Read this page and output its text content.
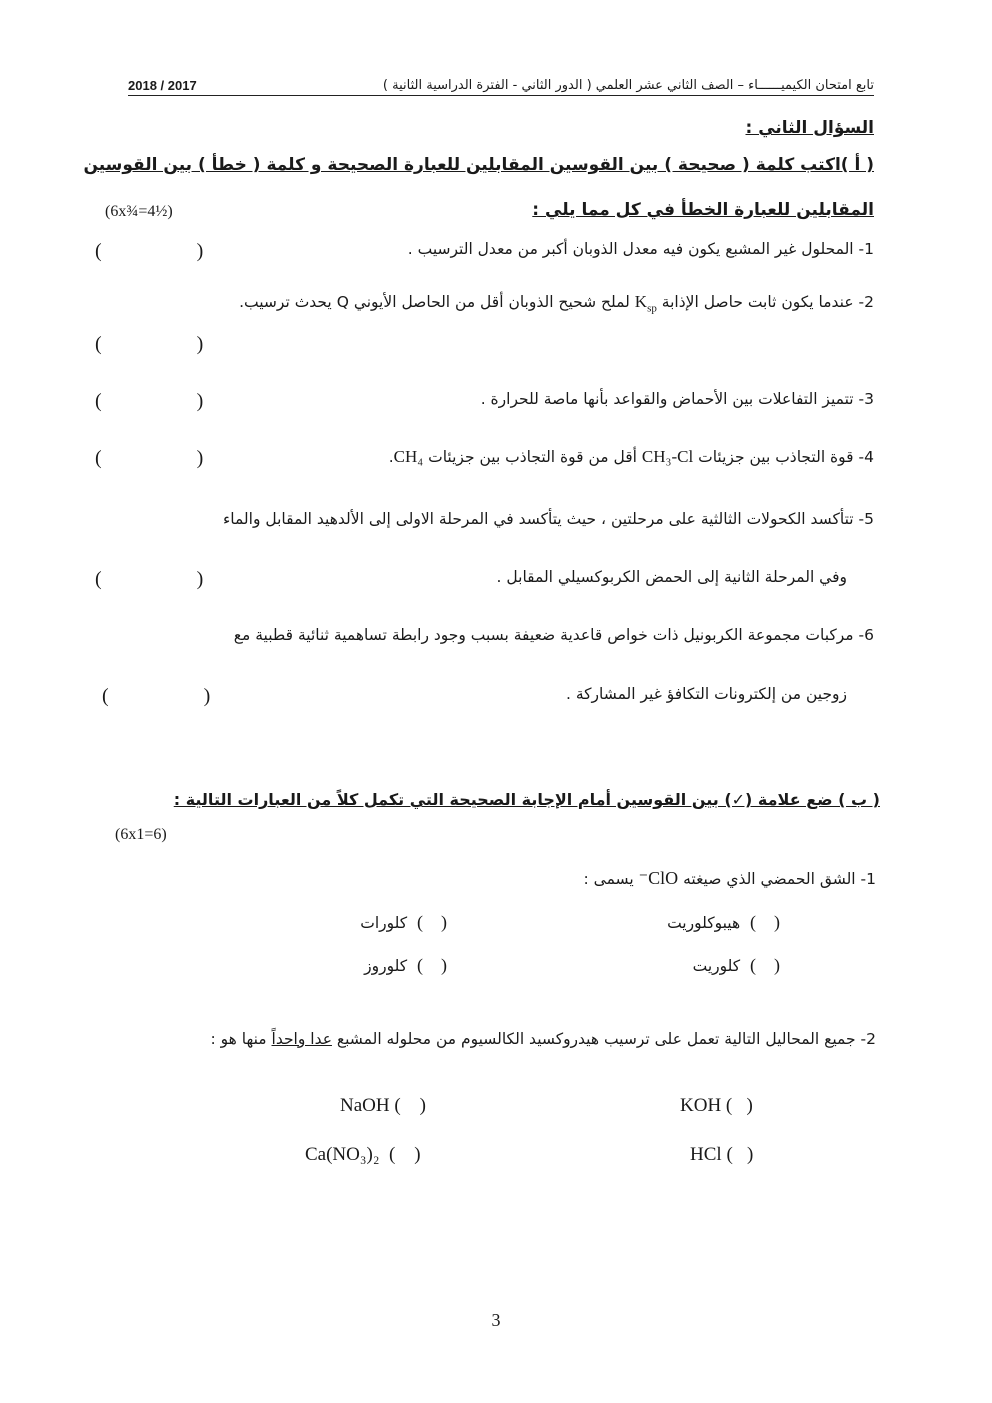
تابع امتحان الكيميــــــاء – الصف الثاني عشر العلمي ( الدور الثاني - الفترة الدراسية الثانية )
2018 / 2017
السؤال الثاني :
( أ )اكتب كلمة ( صحيحة ) بين القوسين المقابلين للعبارة الصحيحة و كلمة ( خطأ ) بين القوسين
المقابلين للعبارة الخطأ في كل مما يلي :
(6x¾=4½)
1- المحلول غير المشبع يكون فيه معدل الذوبان أكبر من معدل الترسيب .
(                   )
2- عندما يكون ثابت حاصل الإذابة $K_{sp}$ لملح شحيح الذوبان أقل من الحاصل الأيوني Q يحدث ترسيب.
(                   )
3- تتميز التفاعلات بين الأحماض والقواعد بأنها ماصة للحرارة .
(                   )
4- قوة التجاذب بين جزيئات CH₃-Cl أقل من قوة التجاذب بين جزيئات CH₄.
(                   )
5- تتأكسد الكحولات الثالثية على مرحلتين ، حيث يتأكسد في المرحلة الاولى إلى الألدهيد المقابل والماء
وفي المرحلة الثانية إلى الحمض الكربوكسيلي المقابل .
(                   )
6- مركبات مجموعة الكربونيل ذات خواص قاعدية ضعيفة بسبب وجود رابطة تساهمية ثنائية قطبية مع
زوجين من إلكترونات التكافؤ غير المشاركة .
(                   )
( ب ) ضع علامة (✓) بين القوسين أمام الإجابة الصحيحة التي تكمل كلاً من العبارات التالية :
(6x1=6)
1- الشق الحمضي الذي صيغته ClO⁻ يسمى :
(    )  هيبوكلوريت
(    )  كلورات
(    )  كلوريت
(    )  كلوروز
2- جميع المحاليل التالية تعمل على ترسيب هيدروكسيد الكالسيوم من محلوله المشبع عدا واحداً منها هو :
KOH (   )
NaOH (    )
HCl (   )
Ca(NO₃)₂ (    )
3
